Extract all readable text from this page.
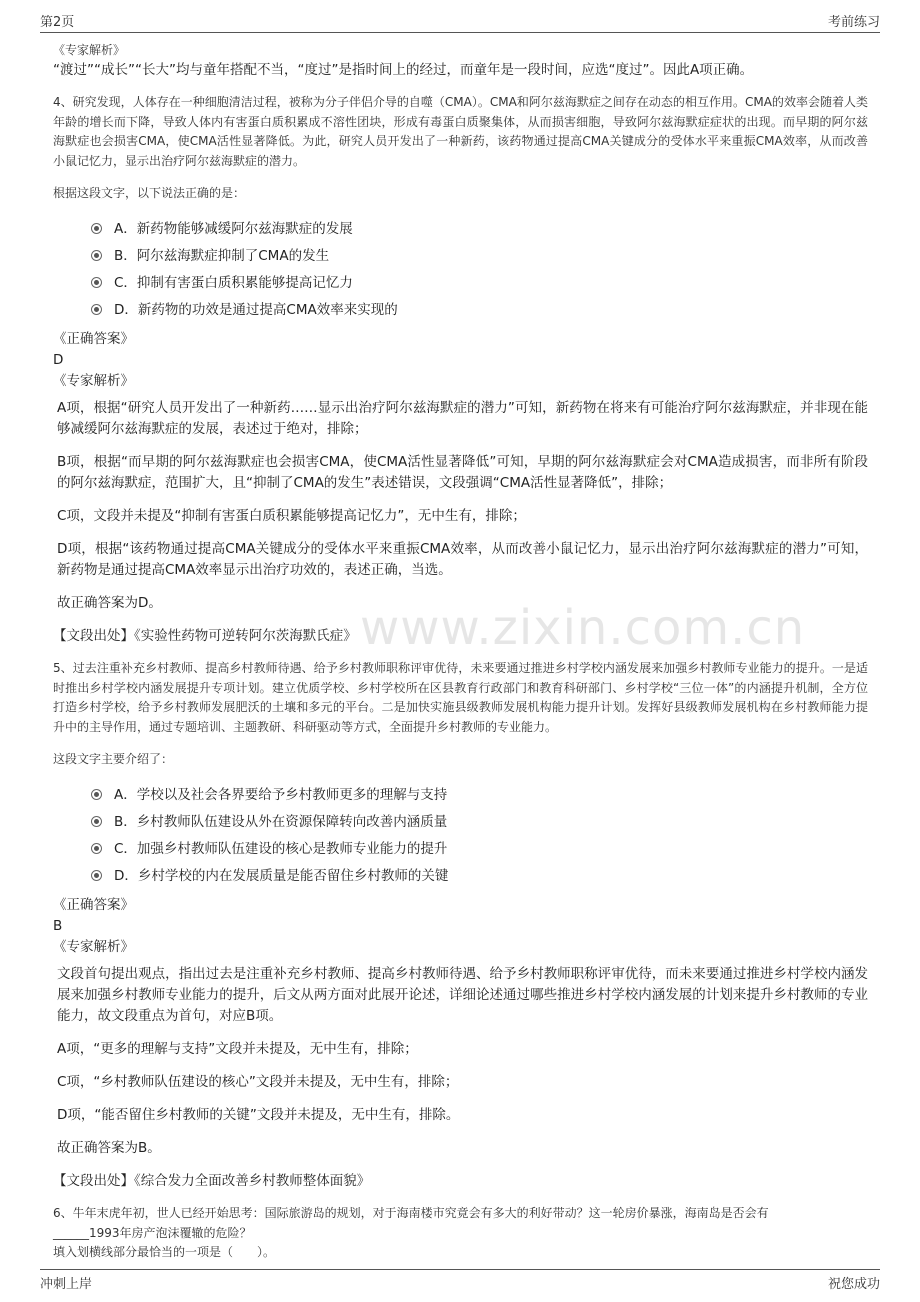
第2页	考前练习
www.zixin.com.cn
《专家解析》
“渡过”“成长”“长大”均与童年搭配不当，“度过”是指时间上的经过，而童年是一段时间，应选“度过”。因此A项正确。
4、研究发现，人体存在一种细胞清洁过程，被称为分子伴侣介导的自噬（CMA）。CMA和阿尔兹海默症之间存在动态的相互作用。CMA的效率会随着人类年龄的增长而下降，导致人体内有害蛋白质积累成不溶性团块，形成有毒蛋白质聚集体，从而损害细胞，导致阿尔兹海默症症状的出现。而早期的阿尔兹海默症也会损害CMA，使CMA活性显著降低。为此，研究人员开发出了一种新药，该药物通过提高CMA关键成分的受体水平来重振CMA效率，从而改善小鼠记忆力，显示出治疗阿尔兹海默症的潜力。
根据这段文字，以下说法正确的是：
A．新药物能够减缓阿尔兹海默症的发展
B．阿尔兹海默症抑制了CMA的发生
C．抑制有害蛋白质积累能够提高记忆力
D．新药物的功效是通过提高CMA效率来实现的
《正确答案》
D
《专家解析》

A项，根据“研究人员开发出了一种新药……显示出治疗阿尔兹海默症的潜力”可知，新药物在将来有可能治疗阿尔兹海默症，并非现在能够减缓阿尔兹海默症的发展，表述过于绝对，排除；

B项，根据“而早期的阿尔兹海默症也会损害CMA，使CMA活性显著降低”可知，早期的阿尔兹海默症会对CMA造成损害，而非所有阶段的阿尔兹海默症，范围扩大，且“抑制了CMA的发生”表述错误，文段强调“CMA活性显著降低”，排除；

C项，文段并未提及“抑制有害蛋白质积累能够提高记忆力”，无中生有，排除；

D项，根据“该药物通过提高CMA关键成分的受体水平来重振CMA效率，从而改善小鼠记忆力，显示出治疗阿尔兹海默症的潜力”可知，新药物是通过提高CMA效率显示出治疗功效的，表述正确，当选。

故正确答案为D。

【文段出处】《实验性药物可逆转阿尔茨海默氏症》
5、过去注重补充乡村教师、提高乡村教师待遇、给予乡村教师职称评审优待，未来要通过推进乡村学校内涵发展来加强乡村教师专业能力的提升。一是适时推出乡村学校内涵发展提升专项计划。建立优质学校、乡村学校所在区县教育行政部门和教育科研部门、乡村学校“三位一体”的内涵提升机制，全方位打造乡村学校，给予乡村教师发展肥沃的土壤和多元的平台。二是加快实施县级教师发展机构能力提升计划。发挥好县级教师发展机构在乡村教师能力提升中的主导作用，通过专题培训、主题教研、科研驱动等方式，全面提升乡村教师的专业能力。
这段文字主要介绍了：
A．学校以及社会各界要给予乡村教师更多的理解与支持
B．乡村教师队伍建设从外在资源保障转向改善内涵质量
C．加强乡村教师队伍建设的核心是教师专业能力的提升
D．乡村学校的内在发展质量是能否留住乡村教师的关键
《正确答案》
B
《专家解析》

文段首句提出观点，指出过去是注重补充乡村教师、提高乡村教师待遇、给予乡村教师职称评审优待，而未来要通过推进乡村学校内涵发展来加强乡村教师专业能力的提升，后文从两方面对此展开论述，详细论述通过哪些推进乡村学校内涵发展的计划来提升乡村教师的专业能力，故文段重点为首句，对应B项。

A项，“更多的理解与支持”文段并未提及，无中生有，排除；

C项，“乡村教师队伍建设的核心”文段并未提及，无中生有，排除；

D项，“能否留住乡村教师的关键”文段并未提及，无中生有，排除。

故正确答案为B。

【文段出处】《综合发力全面改善乡村教师整体面貌》
6、牛年末虎年初，世人已经开始思考：国际旅游岛的规划，对于海南楼市究竟会有多大的利好带动？这一轮房价暴涨，海南岛是否会有
______1993年房产泡沫覆辙的危险？
填入划横线部分最恰当的一项是（　　）。
冲刺上岸	祝您成功
